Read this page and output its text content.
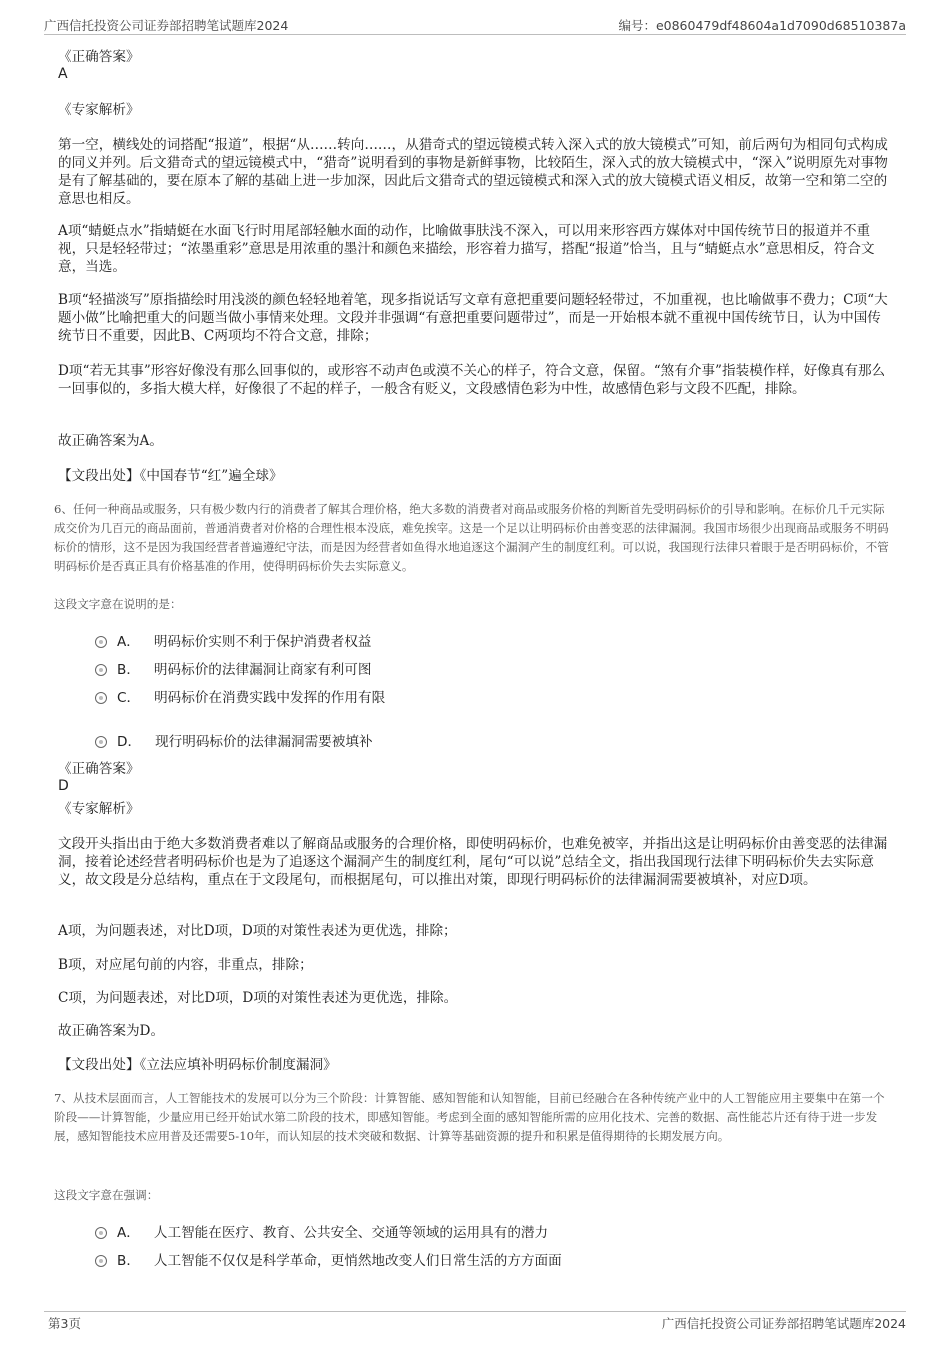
广西信托投资公司证券部招聘笔试题库2024	编号：e0860479df48604a1d7090d68510387a
《正确答案》
A
《专家解析》
第一空，横线处的词搭配“报道”，根据“从……转向……，从猎奇式的望远镜模式转入深入式的放大镜模式”可知，前后两句为相同句式构成的同义并列。后文猎奇式的望远镜模式中，“猎奇”说明看到的事物是新鲜事物，比较陌生，深入式的放大镜模式中，“深入”说明原先对事物是有了解基础的，要在原本了解的基础上进一步加深，因此后文猎奇式的望远镜模式和深入式的放大镜模式语义相反，故第一空和第二空的意思也相反。
A项“蜻蜓点水”指蜻蜓在水面飞行时用尾部轻触水面的动作，比喻做事肤浅不深入，可以用来形容西方媒体对中国传统节日的报道并不重视，只是轻轻带过；“浓墨重彩”意思是用浓重的墨汁和颜色来描绘，形容着力描写，搭配“报道”恰当，且与“蜻蜓点水”意思相反，符合文意，当选。
B项“轻描淡写”原指描绘时用浅淡的颜色轻轻地着笔，现多指说话写文章有意把重要问题轻轻带过，不加重视，也比喻做事不费力；C项“大题小做”比喻把重大的问题当做小事情来处理。文段并非强调“有意把重要问题带过”，而是一开始根本就不重视中国传统节日，认为中国传统节日不重要，因此B、C两项均不符合文意，排除；
D项“若无其事”形容好像没有那么回事似的，或形容不动声色或漠不关心的样子，符合文意，保留。“煞有介事”指装模作样，好像真有那么一回事似的，多指大模大样，好像很了不起的样子，一般含有贬义，文段感情色彩为中性，故感情色彩与文段不匹配，排除。
故正确答案为A。
【文段出处】《中国春节“红”遍全球》
6、任何一种商品或服务，只有极少数内行的消费者了解其合理价格，绝大多数的消费者对商品或服务价格的判断首先受明码标价的引导和影响。在标价几千元实际成交价为几百元的商品面前，普通消费者对价格的合理性根本没底，难免挨宰。这是一个足以让明码标价由善变恶的法律漏洞。我国市场很少出现商品或服务不明码标价的情形，这不是因为我国经营者普遍遵纪守法，而是因为经营者如鱼得水地追逐这个漏洞产生的制度红利。可以说，我国现行法律只着眼于是否明码标价，不管明码标价是否真正具有价格基准的作用，使得明码标价失去实际意义。
这段文字意在说明的是：
A． 明码标价实则不利于保护消费者权益
B． 明码标价的法律漏洞让商家有利可图
C． 明码标价在消费实践中发挥的作用有限
D． 现行明码标价的法律漏洞需要被填补
《正确答案》
D
《专家解析》
文段开头指出由于绝大多数消费者难以了解商品或服务的合理价格，即使明码标价，也难免被宰，并指出这是让明码标价由善变恶的法律漏洞，接着论述经营者明码标价也是为了追逐这个漏洞产生的制度红利，尾句“可以说”总结全文，指出我国现行法律下明码标价失去实际意义，故文段是分总结构，重点在于文段尾句，而根据尾句，可以推出对策，即现行明码标价的法律漏洞需要被填补，对应D项。
A项，为问题表述，对比D项，D项的对策性表述为更优选，排除；
B项，对应尾句前的内容，非重点，排除；
C项，为问题表述，对比D项，D项的对策性表述为更优选，排除。
故正确答案为D。
【文段出处】《立法应填补明码标价制度漏洞》
7、从技术层面而言，人工智能技术的发展可以分为三个阶段：计算智能、感知智能和认知智能，目前已经融合在各种传统产业中的人工智能应用主要集中在第一个阶段——计算智能，少量应用已经开始试水第二阶段的技术，即感知智能。考虑到全面的感知智能所需的应用化技术、完善的数据、高性能芯片还有待于进一步发展，感知智能技术应用普及还需要5-10年，而认知层的技术突破和数据、计算等基础资源的提升和积累是值得期待的长期发展方向。
这段文字意在强调：
A． 人工智能在医疗、教育、公共安全、交通等领域的运用具有的潜力
B． 人工智能不仅仅是科学革命，更悄然地改变人们日常生活的方方面面
第3页	广西信托投资公司证券部招聘笔试题库2024
